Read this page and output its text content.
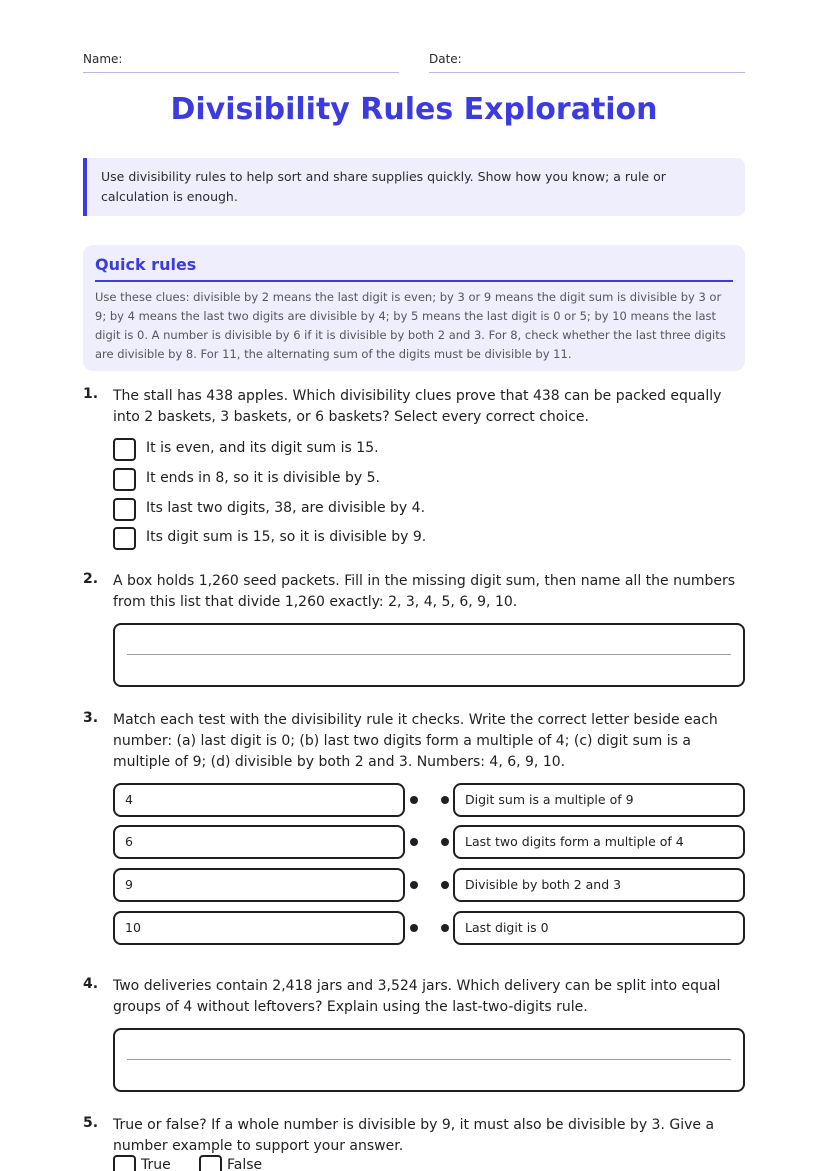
Name:	Date:
Divisibility Rules Exploration
Use divisibility rules to help sort and share supplies quickly. Show how you know; a rule or calculation is enough.
Quick rules
Use these clues: divisible by 2 means the last digit is even; by 3 or 9 means the digit sum is divisible by 3 or 9; by 4 means the last two digits are divisible by 4; by 5 means the last digit is 0 or 5; by 10 means the last digit is 0. A number is divisible by 6 if it is divisible by both 2 and 3. For 8, check whether the last three digits are divisible by 8. For 11, the alternating sum of the digits must be divisible by 11.
1. The stall has 438 apples. Which divisibility clues prove that 438 can be packed equally into 2 baskets, 3 baskets, or 6 baskets? Select every correct choice.
It is even, and its digit sum is 15.
It ends in 8, so it is divisible by 5.
Its last two digits, 38, are divisible by 4.
Its digit sum is 15, so it is divisible by 9.
2. A box holds 1,260 seed packets. Fill in the missing digit sum, then name all the numbers from this list that divide 1,260 exactly: 2, 3, 4, 5, 6, 9, 10.
3. Match each test with the divisibility rule it checks. Write the correct letter beside each number: (a) last digit is 0; (b) last two digits form a multiple of 4; (c) digit sum is a multiple of 9; (d) divisible by both 2 and 3. Numbers: 4, 6, 9, 10.
4	Digit sum is a multiple of 9
6	Last two digits form a multiple of 4
9	Divisible by both 2 and 3
10	Last digit is 0
4. Two deliveries contain 2,418 jars and 3,524 jars. Which delivery can be split into equal groups of 4 without leftovers? Explain using the last-two-digits rule.
5. True or false? If a whole number is divisible by 9, it must also be divisible by 3. Give a number example to support your answer.
True	False
